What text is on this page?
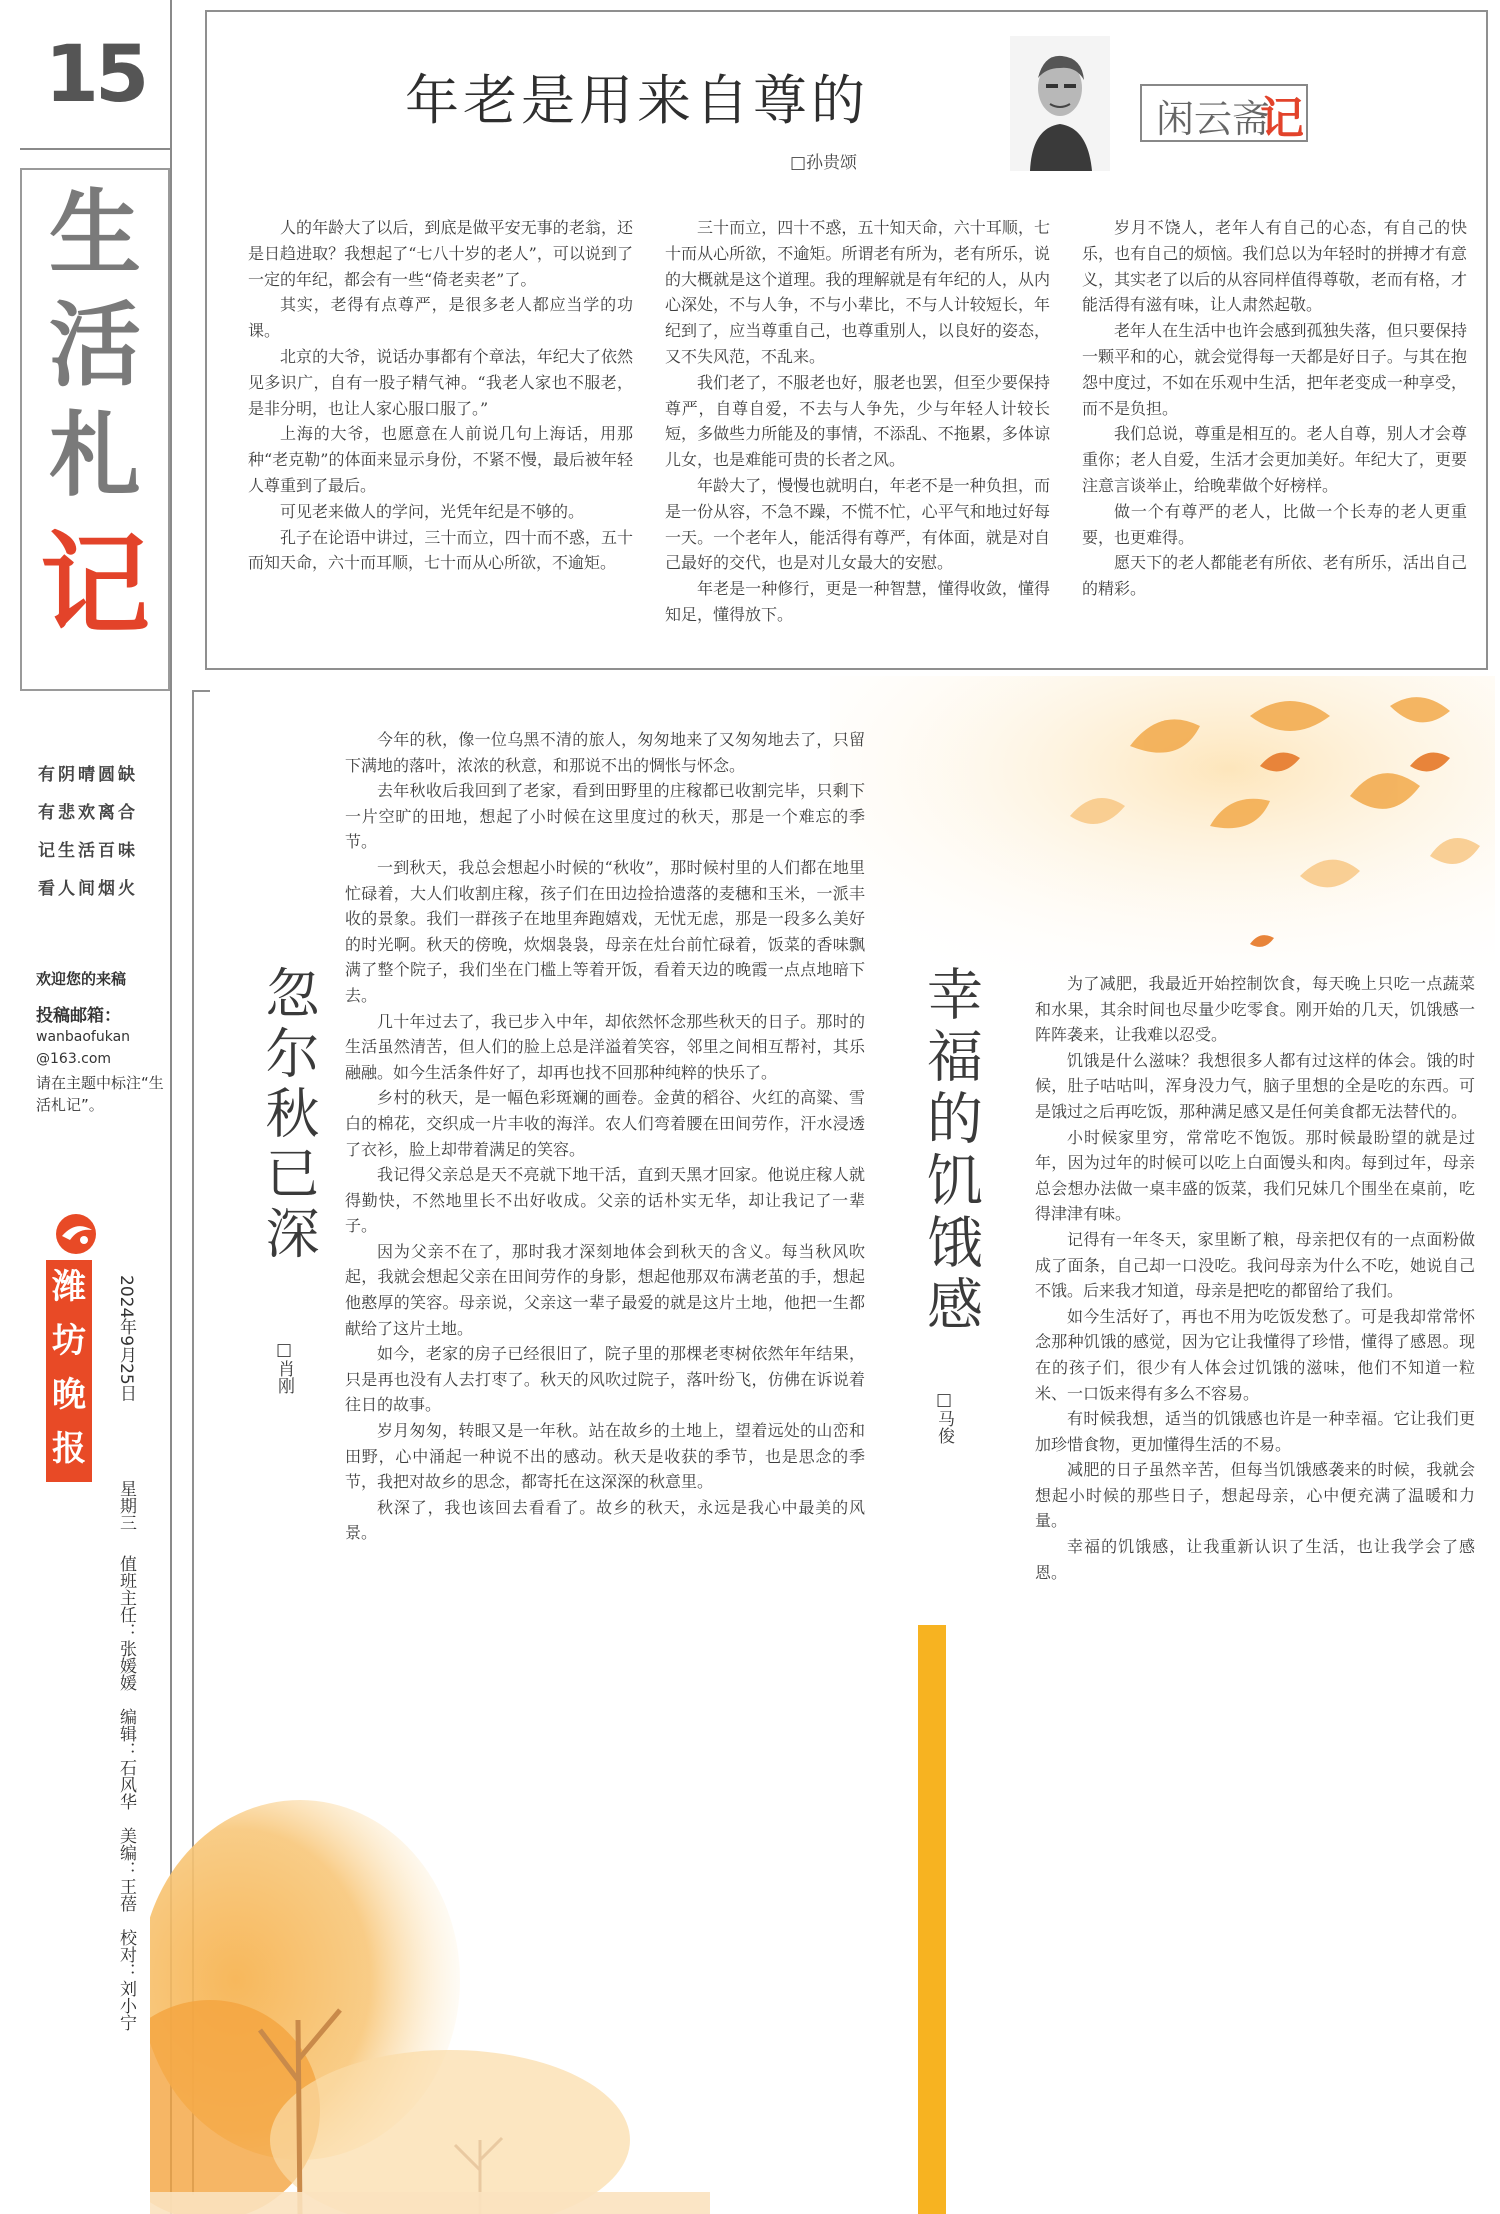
15
生
活
札
记
有阴晴圆缺
有悲欢离合
记生活百味
看人间烟火
欢迎您的来稿
投稿邮箱：
wanbaofukan
@163.com
请在主题中标注“生活札记”。
潍
坊
晚
报
2024年9月25日
星期三
值班主任：张媛媛　编辑：石风华　美编：王蓓　校对：刘小宁
年老是用来自尊的
□孙贵颂
闲云斋
记

人的年龄大了以后，到底是做平安无事的老翁，还是日趋进取？我想起了“七八十岁的老人”，可以说到了一定的年纪，都会有一些“倚老卖老”了。

其实，老得有点尊严，是很多老人都应当学的功课。

北京的大爷，说话办事都有个章法，年纪大了依然见多识广，自有一股子精气神。“我老人家也不服老，是非分明，也让人家心服口服了。”

上海的大爷，也愿意在人前说几句上海话，用那种“老克勒”的体面来显示身份，不紧不慢，最后被年轻人尊重到了最后。

可见老来做人的学问，光凭年纪是不够的。

孔子在论语中讲过，三十而立，四十而不惑，五十而知天命，六十而耳顺，七十而从心所欲，不逾矩。

三十而立，四十不惑，五十知天命，六十耳顺，七十而从心所欲，不逾矩。所谓老有所为，老有所乐，说的大概就是这个道理。我的理解就是有年纪的人，从内心深处，不与人争，不与小辈比，不与人计较短长，年纪到了，应当尊重自己，也尊重别人，以良好的姿态，又不失风范，不乱来。

我们老了，不服老也好，服老也罢，但至少要保持尊严，自尊自爱，不去与人争先，少与年轻人计较长短，多做些力所能及的事情，不添乱、不拖累，多体谅儿女，也是难能可贵的长者之风。

年龄大了，慢慢也就明白，年老不是一种负担，而是一份从容，不急不躁，不慌不忙，心平气和地过好每一天。一个老年人，能活得有尊严，有体面，就是对自己最好的交代，也是对儿女最大的安慰。

年老是一种修行，更是一种智慧，懂得收敛，懂得知足，懂得放下。

岁月不饶人，老年人有自己的心态，有自己的快乐，也有自己的烦恼。我们总以为年轻时的拼搏才有意义，其实老了以后的从容同样值得尊敬，老而有格，才能活得有滋有味，让人肃然起敬。

老年人在生活中也许会感到孤独失落，但只要保持一颗平和的心，就会觉得每一天都是好日子。与其在抱怨中度过，不如在乐观中生活，把年老变成一种享受，而不是负担。

我们总说，尊重是相互的。老人自尊，别人才会尊重你；老人自爱，生活才会更加美好。年纪大了，更要注意言谈举止，给晚辈做个好榜样。

做一个有尊严的老人，比做一个长寿的老人更重要，也更难得。

愿天下的老人都能老有所依、老有所乐，活出自己的精彩。

忽尔秋已深
□肖刚

今年的秋，像一位乌黑不清的旅人，匆匆地来了又匆匆地去了，只留下满地的落叶，浓浓的秋意，和那说不出的惆怅与怀念。

去年秋收后我回到了老家，看到田野里的庄稼都已收割完毕，只剩下一片空旷的田地，想起了小时候在这里度过的秋天，那是一个难忘的季节。

一到秋天，我总会想起小时候的“秋收”，那时候村里的人们都在地里忙碌着，大人们收割庄稼，孩子们在田边捡拾遗落的麦穗和玉米，一派丰收的景象。我们一群孩子在地里奔跑嬉戏，无忧无虑，那是一段多么美好的时光啊。秋天的傍晚，炊烟袅袅，母亲在灶台前忙碌着，饭菜的香味飘满了整个院子，我们坐在门槛上等着开饭，看着天边的晚霞一点点地暗下去。

几十年过去了，我已步入中年，却依然怀念那些秋天的日子。那时的生活虽然清苦，但人们的脸上总是洋溢着笑容，邻里之间相互帮衬，其乐融融。如今生活条件好了，却再也找不回那种纯粹的快乐了。

乡村的秋天，是一幅色彩斑斓的画卷。金黄的稻谷、火红的高粱、雪白的棉花，交织成一片丰收的海洋。农人们弯着腰在田间劳作，汗水浸透了衣衫，脸上却带着满足的笑容。

我记得父亲总是天不亮就下地干活，直到天黑才回家。他说庄稼人就得勤快，不然地里长不出好收成。父亲的话朴实无华，却让我记了一辈子。

因为父亲不在了，那时我才深刻地体会到秋天的含义。每当秋风吹起，我就会想起父亲在田间劳作的身影，想起他那双布满老茧的手，想起他憨厚的笑容。母亲说，父亲这一辈子最爱的就是这片土地，他把一生都献给了这片土地。

如今，老家的房子已经很旧了，院子里的那棵老枣树依然年年结果，只是再也没有人去打枣了。秋天的风吹过院子，落叶纷飞，仿佛在诉说着往日的故事。

岁月匆匆，转眼又是一年秋。站在故乡的土地上，望着远处的山峦和田野，心中涌起一种说不出的感动。秋天是收获的季节，也是思念的季节，我把对故乡的思念，都寄托在这深深的秋意里。

秋深了，我也该回去看看了。故乡的秋天，永远是我心中最美的风景。

幸福的饥饿感
□马俊

为了减肥，我最近开始控制饮食，每天晚上只吃一点蔬菜和水果，其余时间也尽量少吃零食。刚开始的几天，饥饿感一阵阵袭来，让我难以忍受。

饥饿是什么滋味？我想很多人都有过这样的体会。饿的时候，肚子咕咕叫，浑身没力气，脑子里想的全是吃的东西。可是饿过之后再吃饭，那种满足感又是任何美食都无法替代的。

小时候家里穷，常常吃不饱饭。那时候最盼望的就是过年，因为过年的时候可以吃上白面馒头和肉。每到过年，母亲总会想办法做一桌丰盛的饭菜，我们兄妹几个围坐在桌前，吃得津津有味。

记得有一年冬天，家里断了粮，母亲把仅有的一点面粉做成了面条，自己却一口没吃。我问母亲为什么不吃，她说自己不饿。后来我才知道，母亲是把吃的都留给了我们。

如今生活好了，再也不用为吃饭发愁了。可是我却常常怀念那种饥饿的感觉，因为它让我懂得了珍惜，懂得了感恩。现在的孩子们，很少有人体会过饥饿的滋味，他们不知道一粒米、一口饭来得有多么不容易。

有时候我想，适当的饥饿感也许是一种幸福。它让我们更加珍惜食物，更加懂得生活的不易。

减肥的日子虽然辛苦，但每当饥饿感袭来的时候，我就会想起小时候的那些日子，想起母亲，心中便充满了温暖和力量。

幸福的饥饿感，让我重新认识了生活，也让我学会了感恩。
